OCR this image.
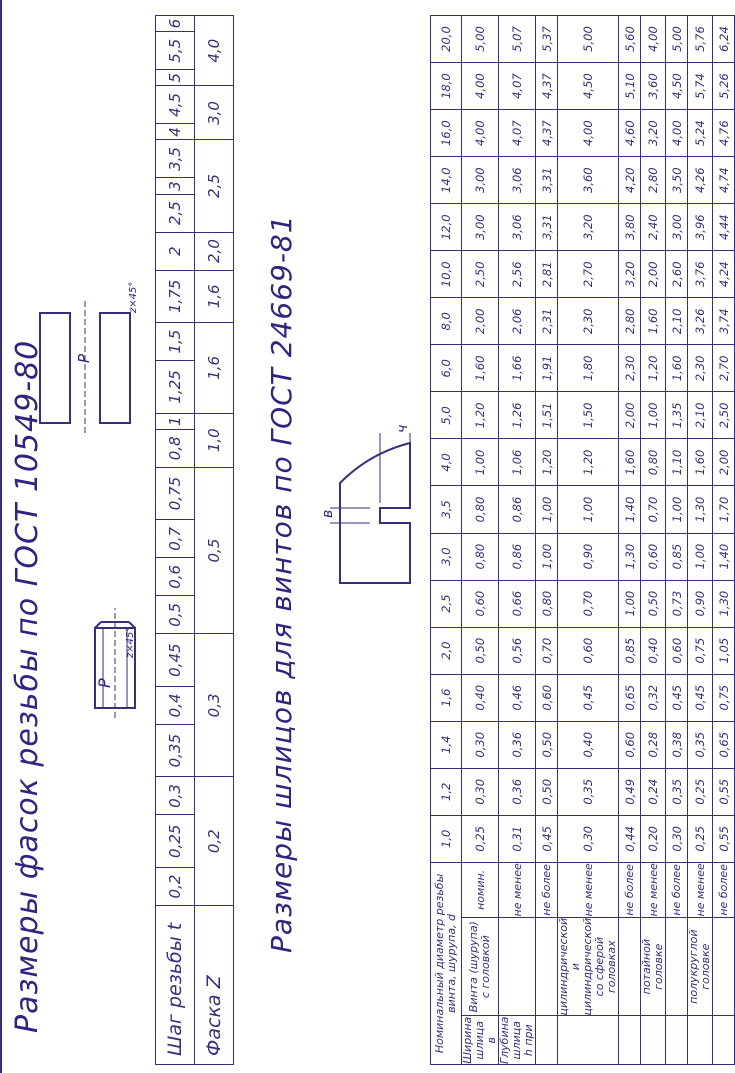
Размеры фасок резьбы по ГОСТ 10549-80	P
z×45°
P
z×45°
Шаг резьбы t	0,2	0,25	0,3	0,35	0,4	0,45	0,5	0,6	0,7	0,75	0,8	1	1,25	1,5	1,75	2	2,5	3	3,5	4	4,5	5	5,5	6
Фаска Z	0,2			0,3			0,5				1,0		1,6		1,6	2,0	2,5			3,0		4,0		
Размеры шлицов для винтов по ГОСТ 24669-81 в
ч
Номинальный диаметр резьбы винта, шурупа, d			1,0	1,2	1,4	1,6	2,0	2,5	3,0	3,5	4,0	5,0	6,0	8,0	10,0	12,0	14,0	16,0	18,0	20,0
Ширина шлица в	Винта (шурупа) с головкой	номин.	0,25	0,30	0,30	0,40	0,50	0,60	0,80	0,80	1,00	1,20	1,60	2,00	2,50	3,00	3,00	4,00	4,00	5,00
Глубина шлица h при		не менее	0,31	0,36	0,36	0,46	0,56	0,66	0,86	0,86	1,06	1,26	1,66	2,06	2,56	3,06	3,06	4,07	4,07	5,07
		не более	0,45	0,50	0,50	0,60	0,70	0,80	1,00	1,00	1,20	1,51	1,91	2,31	2,81	3,31	3,31	4,37	4,37	5,37
	цилиндрической и цилиндрической со сферой головках	не менее	0,30	0,35	0,40	0,45	0,60	0,70	0,90	1,00	1,20	1,50	1,80	2,30	2,70	3,20	3,60	4,00	4,50	5,00
		не более	0,44	0,49	0,60	0,65	0,85	1,00	1,30	1,40	1,60	2,00	2,30	2,80	3,20	3,80	4,20	4,60	5,10	5,60
	потайной головке	не менее	0,20	0,24	0,28	0,32	0,40	0,50	0,60	0,70	0,80	1,00	1,20	1,60	2,00	2,40	2,80	3,20	3,60	4,00
		не более	0,30	0,35	0,38	0,45	0,60	0,73	0,85	1,00	1,10	1,35	1,60	2,10	2,60	3,00	3,50	4,00	4,50	5,00
	полукруглой головке	не менее	0,25	0,25	0,35	0,45	0,75	0,90	1,00	1,30	1,60	2,10	2,30	3,26	3,76	3,96	4,26	5,24	5,74	5,76
		не более	0,55	0,55	0,65	0,75	1,05	1,30	1,40	1,70	2,00	2,50	2,70	3,74	4,24	4,44	4,74	4,76	5,26	6,24
